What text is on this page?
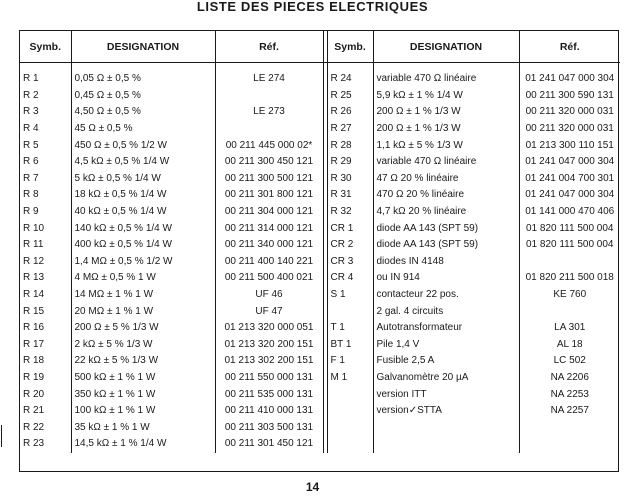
LISTE DES PIECES ELECTRIQUES
Symb.	DESIGNATION	Réf.		Symb.	DESIGNATION	Réf.
R 1	0,05 Ω ± 0,5 %	LE 274		R 24	variable 470 Ω linéaire	01 241 047 000 304
R 2	0,45 Ω ± 0,5 %			R 25	5,9 kΩ ± 1 % 1/4 W	00 211 300 590 131
R 3	4,50 Ω ± 0,5 %	LE 273		R 26	200 Ω ± 1 % 1/3 W	00 211 320 000 031
R 4	45 Ω ± 0,5 %			R 27	200 Ω ± 1 % 1/3 W	00 211 320 000 031
R 5	450 Ω ± 0,5 % 1/2 W	00 211 445 000 02*		R 28	1,1 kΩ ± 5 % 1/3 W	01 213 300 110 151
R 6	4,5 kΩ ± 0,5 % 1/4 W	00 211 300 450 121		R 29	variable 470 Ω linéaire	01 241 047 000 304
R 7	5 kΩ ± 0,5 % 1/4 W	00 211 300 500 121		R 30	47 Ω 20 % linéaire	01 241 004 700 301
R 8	18 kΩ ± 0,5 % 1/4 W	00 211 301 800 121		R 31	470 Ω 20 % linéaire	01 241 047 000 304
R 9	40 kΩ ± 0,5 % 1/4 W	00 211 304 000 121		R 32	4,7 kΩ 20 % linéaire	01 141 000 470 406
R 10	140 kΩ ± 0,5 % 1/4 W	00 211 314 000 121		CR 1	diode AA 143 (SPT 59)	01 820 111 500 004
R 11	400 kΩ ± 0,5 % 1/4 W	00 211 340 000 121		CR 2	diode AA 143 (SPT 59)	01 820 111 500 004
R 12	1,4 MΩ ± 0,5 % 1/2 W	00 211 400 140 221		CR 3	diodes IN 4148	
R 13	4 MΩ ± 0,5 % 1 W	00 211 500 400 021		CR 4	ou IN 914	01 820 211 500 018
R 14	14 MΩ ± 1 % 1 W	UF 46		S 1	contacteur 22 pos.	KE 760
R 15	20 MΩ ± 1 % 1 W	UF 47			2 gal. 4 circuits	
R 16	200 Ω ± 5 % 1/3 W	01 213 320 000 051		T 1	Autotransformateur	LA 301
R 17	2 kΩ ± 5 % 1/3 W	01 213 320 200 151		BT 1	Pile 1,4 V	AL 18
R 18	22 kΩ ± 5 % 1/3 W	01 213 302 200 151		F 1	Fusible 2,5 A	LC 502
R 19	500 kΩ ± 1 % 1 W	00 211 550 000 131		M 1	Galvanomètre 20 µA	NA 2206
R 20	350 kΩ ± 1 % 1 W	00 211 535 000 131			version ITT	NA 2253
R 21	100 kΩ ± 1 % 1 W	00 211 410 000 131			version✓STTA	NA 2257
R 22	35 kΩ ± 1 % 1 W	00 211 303 500 131				
R 23	14,5 kΩ ± 1 % 1/4 W	00 211 301 450 121				
14
